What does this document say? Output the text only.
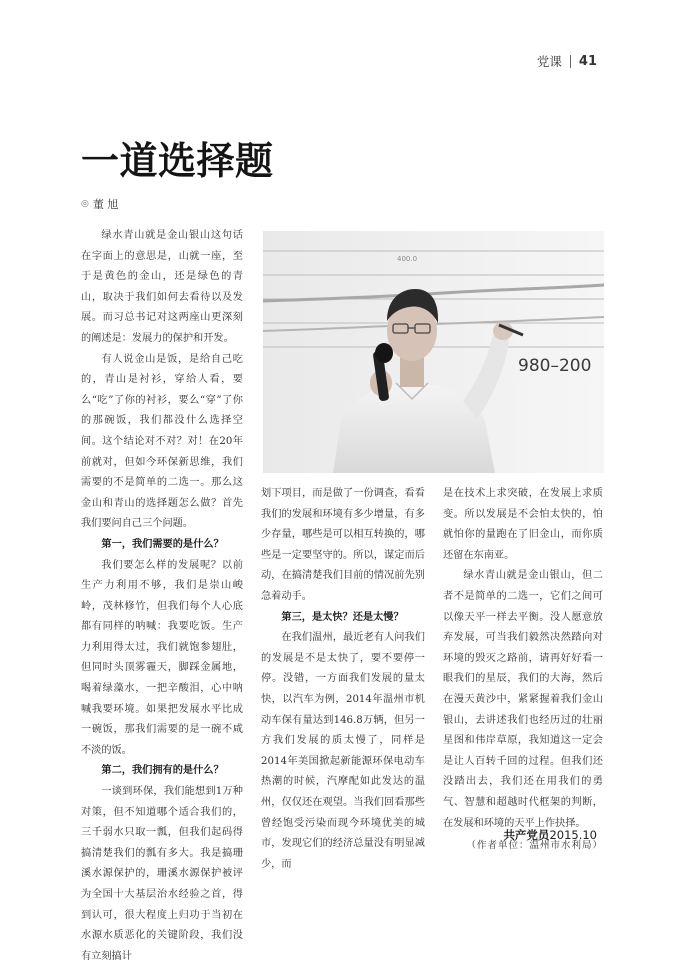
党课 41
一道选择题
◎ 董 旭

绿水青山就是金山银山这句话在字面上的意思是，山就一座，至于是黄色的金山，还是绿色的青山，取决于我们如何去看待以及发展。而习总书记对这两座山更深刻的阐述是：发展力的保护和开发。

有人说金山是饭，是给自己吃的，青山是衬衫，穿给人看，要么“吃”了你的衬衫，要么“穿”了你的那碗饭，我们都没什么选择空间。这个结论对不对？对！在20年前就对，但如今环保新思维，我们需要的不是简单的二选一。那么这金山和青山的选择题怎么做？首先我们要问自己三个问题。

第一，我们需要的是什么？

我们要怎么样的发展呢？以前生产力利用不够，我们是崇山峻岭，茂林修竹，但我们每个人心底都有同样的呐喊：我要吃饭。生产力利用得太过，我们就饱参翅肚，但同时头顶雾霾天，脚踩金属地，喝着绿藻水，一把辛酸泪，心中呐喊我要环境。如果把发展水平比成一碗饭，那我们需要的是一碗不咸不淡的饭。

第二，我们拥有的是什么？

一谈到环保，我们能想到1万种对策，但不知道哪个适合我们的，三千弱水只取一瓢，但我们起码得搞清楚我们的瓢有多大。我是搞珊溪水源保护的，珊溪水源保护被评为全国十大基层治水经验之首，得到认可，很大程度上归功于当初在水源水质恶化的关键阶段，我们没有立刻搞计

400.0
980–200

划下项目，而是做了一份调查，看看我们的发展和环境有多少增量，有多少存量，哪些是可以相互转换的，哪些是一定要坚守的。所以，谋定而后动，在搞清楚我们目前的情况前先别急着动手。

第三，是太快？还是太慢？

在我们温州，最近老有人问我们的发展是不是太快了，要不要停一停。没错，一方面我们发展的量太快，以汽车为例，2014年温州市机动车保有量达到146.8万辆，但另一方我们发展的质太慢了，同样是2014年美国掀起新能源环保电动车热潮的时候，汽摩配如此发达的温州，仅仅还在观望。当我们回看那些曾经饱受污染而现今环境优美的城市，发现它们的经济总量没有明显减少，而

是在技术上求突破，在发展上求质变。所以发展是不会怕太快的，怕就怕你的量跑在了旧金山，而你质还留在东南亚。

绿水青山就是金山银山，但二者不是简单的二选一，它们之间可以像天平一样去平衡。没人愿意放弃发展，可当我们毅然决然踏向对环境的毁灭之路前，请再好好看一眼我们的星辰，我们的大海，然后在漫天黄沙中，紧紧握着我们金山银山，去讲述我们也经历过的壮丽星图和伟岸草原，我知道这一定会是让人百转千回的过程。但我们还没踏出去，我们还在用我们的勇气、智慧和超越时代框架的判断，在发展和环境的天平上作抉择。

（作者单位：温州市水利局）

共产党员2015.10
